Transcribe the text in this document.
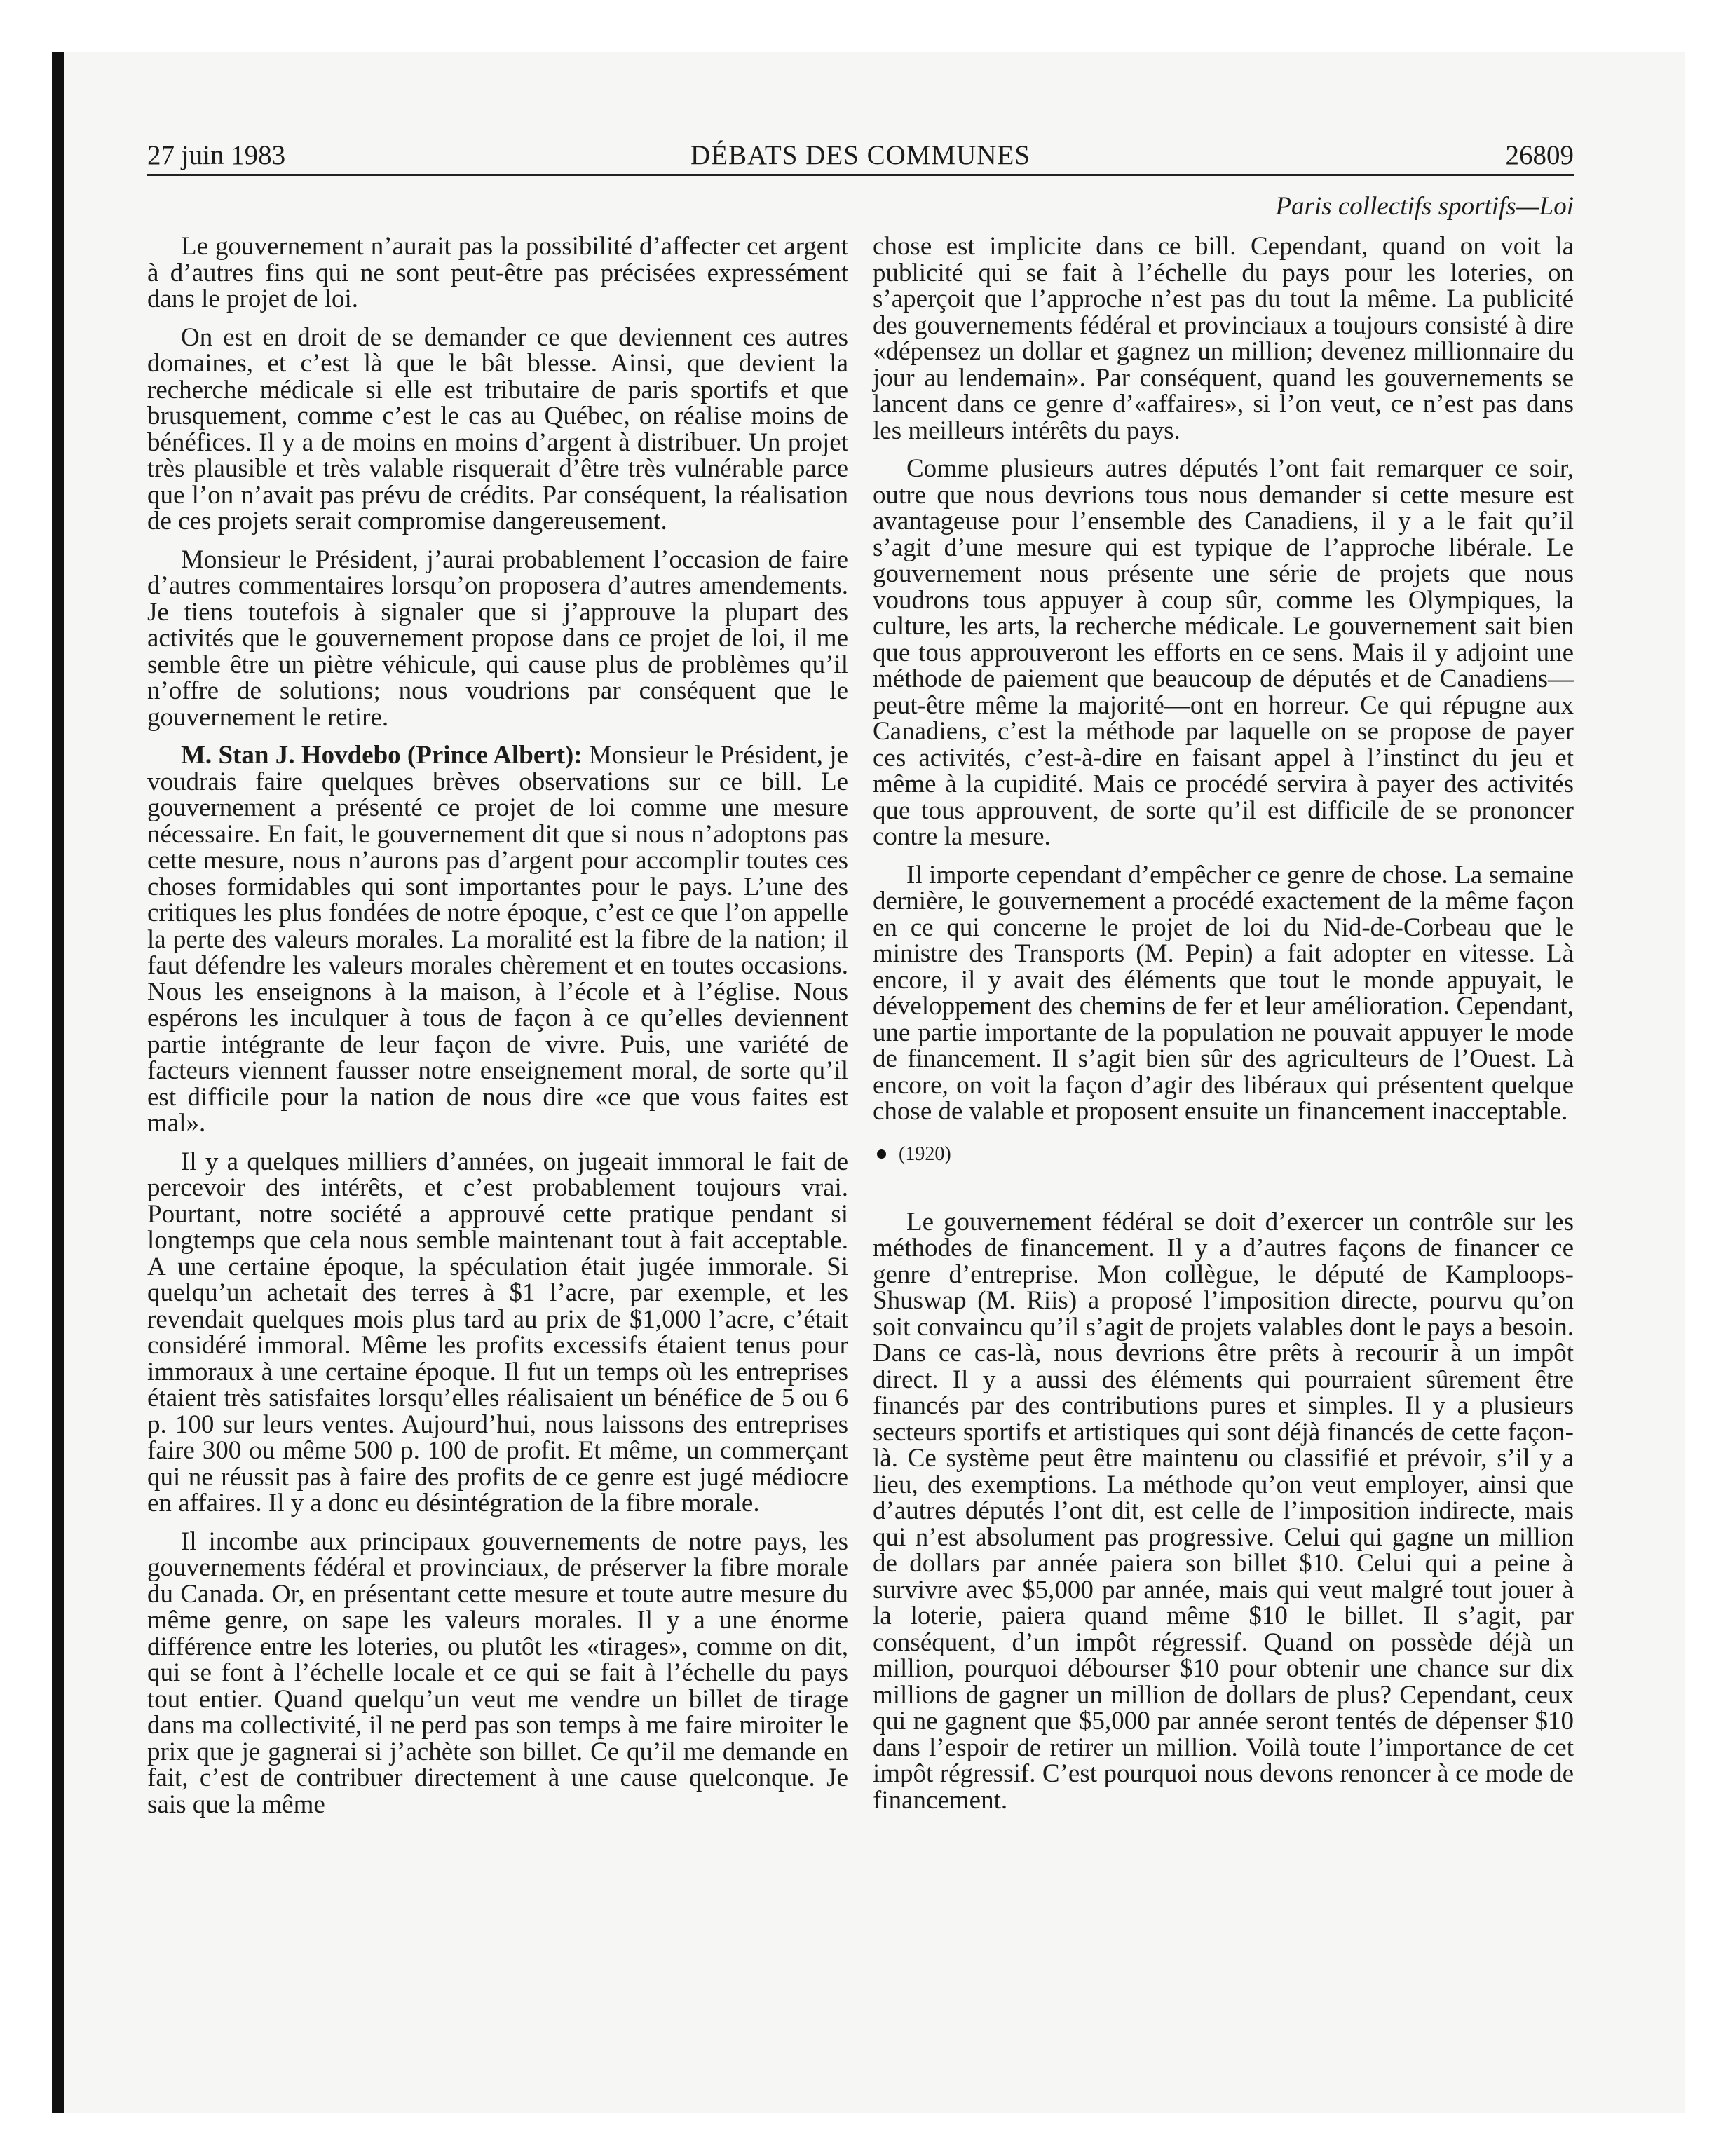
27 juin 1983	DÉBATS DES COMMUNES	26809
Paris collectifs sportifs—Loi

Le gouvernement n’aurait pas la possibilité d’affecter cet argent à d’autres fins qui ne sont peut-être pas précisées expressément dans le projet de loi.

On est en droit de se demander ce que deviennent ces autres domaines, et c’est là que le bât blesse. Ainsi, que devient la recherche médicale si elle est tributaire de paris sportifs et que brusquement, comme c’est le cas au Québec, on réalise moins de bénéfices. Il y a de moins en moins d’argent à distribuer. Un projet très plausible et très valable risquerait d’être très vulnérable parce que l’on n’avait pas prévu de crédits. Par conséquent, la réalisation de ces projets serait compromise dangereusement.

Monsieur le Président, j’aurai probablement l’occasion de faire d’autres commentaires lorsqu’on proposera d’autres amendements. Je tiens toutefois à signaler que si j’approuve la plupart des activités que le gouvernement propose dans ce projet de loi, il me semble être un piètre véhicule, qui cause plus de problèmes qu’il n’offre de solutions; nous voudrions par conséquent que le gouvernement le retire.

M. Stan J. Hovdebo (Prince Albert): Monsieur le Président, je voudrais faire quelques brèves observations sur ce bill. Le gouvernement a présenté ce projet de loi comme une mesure nécessaire. En fait, le gouvernement dit que si nous n’adoptons pas cette mesure, nous n’aurons pas d’argent pour accomplir toutes ces choses formidables qui sont importantes pour le pays. L’une des critiques les plus fondées de notre époque, c’est ce que l’on appelle la perte des valeurs morales. La moralité est la fibre de la nation; il faut défendre les valeurs morales chèrement et en toutes occasions. Nous les enseignons à la maison, à l’école et à l’église. Nous espérons les inculquer à tous de façon à ce qu’elles deviennent partie intégrante de leur façon de vivre. Puis, une variété de facteurs viennent fausser notre enseignement moral, de sorte qu’il est difficile pour la nation de nous dire «ce que vous faites est mal».

Il y a quelques milliers d’années, on jugeait immoral le fait de percevoir des intérêts, et c’est probablement toujours vrai. Pourtant, notre société a approuvé cette pratique pendant si longtemps que cela nous semble maintenant tout à fait acceptable. A une certaine époque, la spéculation était jugée immorale. Si quelqu’un achetait des terres à $1 l’acre, par exemple, et les revendait quelques mois plus tard au prix de $1,000 l’acre, c’était considéré immoral. Même les profits excessifs étaient tenus pour immoraux à une certaine époque. Il fut un temps où les entreprises étaient très satisfaites lorsqu’elles réalisaient un bénéfice de 5 ou 6 p. 100 sur leurs ventes. Aujourd’hui, nous laissons des entreprises faire 300 ou même 500 p. 100 de profit. Et même, un commerçant qui ne réussit pas à faire des profits de ce genre est jugé médiocre en affaires. Il y a donc eu désintégration de la fibre morale.

Il incombe aux principaux gouvernements de notre pays, les gouvernements fédéral et provinciaux, de préserver la fibre morale du Canada. Or, en présentant cette mesure et toute autre mesure du même genre, on sape les valeurs morales. Il y a une énorme différence entre les loteries, ou plutôt les «tirages», comme on dit, qui se font à l’échelle locale et ce qui se fait à l’échelle du pays tout entier. Quand quelqu’un veut me vendre un billet de tirage dans ma collectivité, il ne perd pas son temps à me faire miroiter le prix que je gagnerai si j’achète son billet. Ce qu’il me demande en fait, c’est de contribuer directement à une cause quelconque. Je sais que la même

chose est implicite dans ce bill. Cependant, quand on voit la publicité qui se fait à l’échelle du pays pour les loteries, on s’aperçoit que l’approche n’est pas du tout la même. La publicité des gouvernements fédéral et provinciaux a toujours consisté à dire «dépensez un dollar et gagnez un million; devenez millionnaire du jour au lendemain». Par conséquent, quand les gouvernements se lancent dans ce genre d’«affaires», si l’on veut, ce n’est pas dans les meilleurs intérêts du pays.

Comme plusieurs autres députés l’ont fait remarquer ce soir, outre que nous devrions tous nous demander si cette mesure est avantageuse pour l’ensemble des Canadiens, il y a le fait qu’il s’agit d’une mesure qui est typique de l’approche libérale. Le gouvernement nous présente une série de projets que nous voudrons tous appuyer à coup sûr, comme les Olympiques, la culture, les arts, la recherche médicale. Le gouvernement sait bien que tous approuveront les efforts en ce sens. Mais il y adjoint une méthode de paiement que beaucoup de députés et de Canadiens—peut-être même la majorité—ont en horreur. Ce qui répugne aux Canadiens, c’est la méthode par laquelle on se propose de payer ces activités, c’est-à-dire en faisant appel à l’instinct du jeu et même à la cupidité. Mais ce procédé servira à payer des activités que tous approuvent, de sorte qu’il est difficile de se prononcer contre la mesure.

Il importe cependant d’empêcher ce genre de chose. La semaine dernière, le gouvernement a procédé exactement de la même façon en ce qui concerne le projet de loi du Nid-de-Corbeau que le ministre des Transports (M. Pepin) a fait adopter en vitesse. Là encore, il y avait des éléments que tout le monde appuyait, le développement des chemins de fer et leur amélioration. Cependant, une partie importante de la population ne pouvait appuyer le mode de financement. Il s’agit bien sûr des agriculteurs de l’Ouest. Là encore, on voit la façon d’agir des libéraux qui présentent quelque chose de valable et proposent ensuite un financement inacceptable.

(1920)

Le gouvernement fédéral se doit d’exercer un contrôle sur les méthodes de financement. Il y a d’autres façons de financer ce genre d’entreprise. Mon collègue, le député de Kamploops-Shuswap (M. Riis) a proposé l’imposition directe, pourvu qu’on soit convaincu qu’il s’agit de projets valables dont le pays a besoin. Dans ce cas-là, nous devrions être prêts à recourir à un impôt direct. Il y a aussi des éléments qui pourraient sûrement être financés par des contributions pures et simples. Il y a plusieurs secteurs sportifs et artistiques qui sont déjà financés de cette façon-là. Ce système peut être maintenu ou classifié et prévoir, s’il y a lieu, des exemptions. La méthode qu’on veut employer, ainsi que d’autres députés l’ont dit, est celle de l’imposition indirecte, mais qui n’est absolument pas progressive. Celui qui gagne un million de dollars par année paiera son billet $10. Celui qui a peine à survivre avec $5,000 par année, mais qui veut malgré tout jouer à la loterie, paiera quand même $10 le billet. Il s’agit, par conséquent, d’un impôt régressif. Quand on possède déjà un million, pourquoi débourser $10 pour obtenir une chance sur dix millions de gagner un million de dollars de plus? Cependant, ceux qui ne gagnent que $5,000 par année seront tentés de dépenser $10 dans l’espoir de retirer un million. Voilà toute l’importance de cet impôt régressif. C’est pourquoi nous devons renoncer à ce mode de financement.
